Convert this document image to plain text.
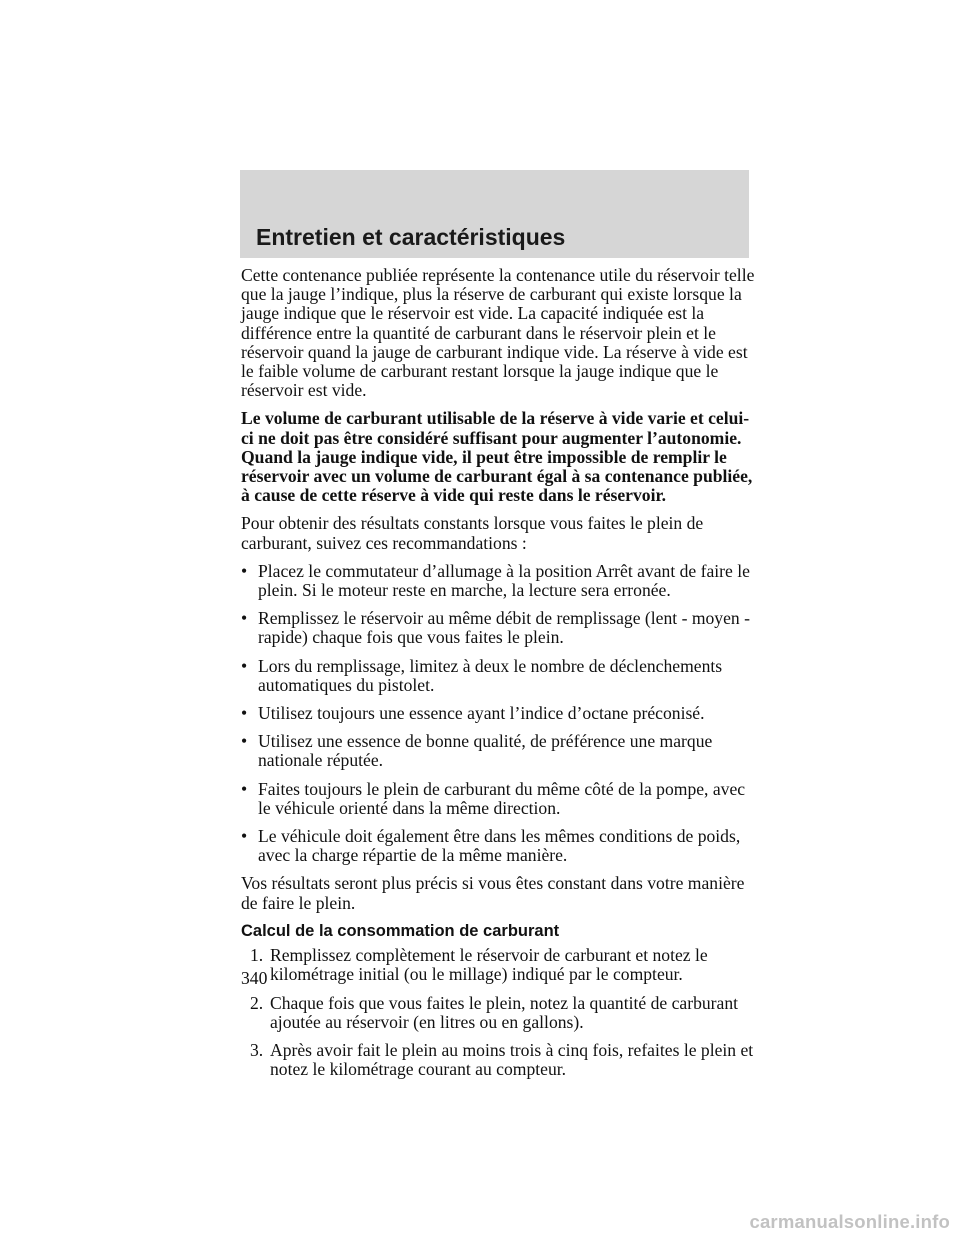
Entretien et caractéristiques

Cette contenance publiée représente la contenance utile du réservoir telle que la jauge l’indique, plus la réserve de carburant qui existe lorsque la jauge indique que le réservoir est vide. La capacité indiquée est la différence entre la quantité de carburant dans le réservoir plein et le réservoir quand la jauge de carburant indique vide. La réserve à vide est le faible volume de carburant restant lorsque la jauge indique que le réservoir est vide.

Le volume de carburant utilisable de la réserve à vide varie et celui-ci ne doit pas être considéré suffisant pour augmenter l’autonomie. Quand la jauge indique vide, il peut être impossible de remplir le réservoir avec un volume de carburant égal à sa contenance publiée, à cause de cette réserve à vide qui reste dans le réservoir.

Pour obtenir des résultats constants lorsque vous faites le plein de carburant, suivez ces recommandations :

• Placez le commutateur d’allumage à la position Arrêt avant de faire le plein. Si le moteur reste en marche, la lecture sera erronée.
• Remplissez le réservoir au même débit de remplissage (lent - moyen - rapide) chaque fois que vous faites le plein.
• Lors du remplissage, limitez à deux le nombre de déclenchements automatiques du pistolet.
• Utilisez toujours une essence ayant l’indice d’octane préconisé.
• Utilisez une essence de bonne qualité, de préférence une marque nationale réputée.
• Faites toujours le plein de carburant du même côté de la pompe, avec le véhicule orienté dans la même direction.
• Le véhicule doit également être dans les mêmes conditions de poids, avec la charge répartie de la même manière.

Vos résultats seront plus précis si vous êtes constant dans votre manière de faire le plein.

Calcul de la consommation de carburant
1. Remplissez complètement le réservoir de carburant et notez le kilométrage initial (ou le millage) indiqué par le compteur.
2. Chaque fois que vous faites le plein, notez la quantité de carburant ajoutée au réservoir (en litres ou en gallons).
3. Après avoir fait le plein au moins trois à cinq fois, refaites le plein et notez le kilométrage courant au compteur.

340

carmanualsonline.info
